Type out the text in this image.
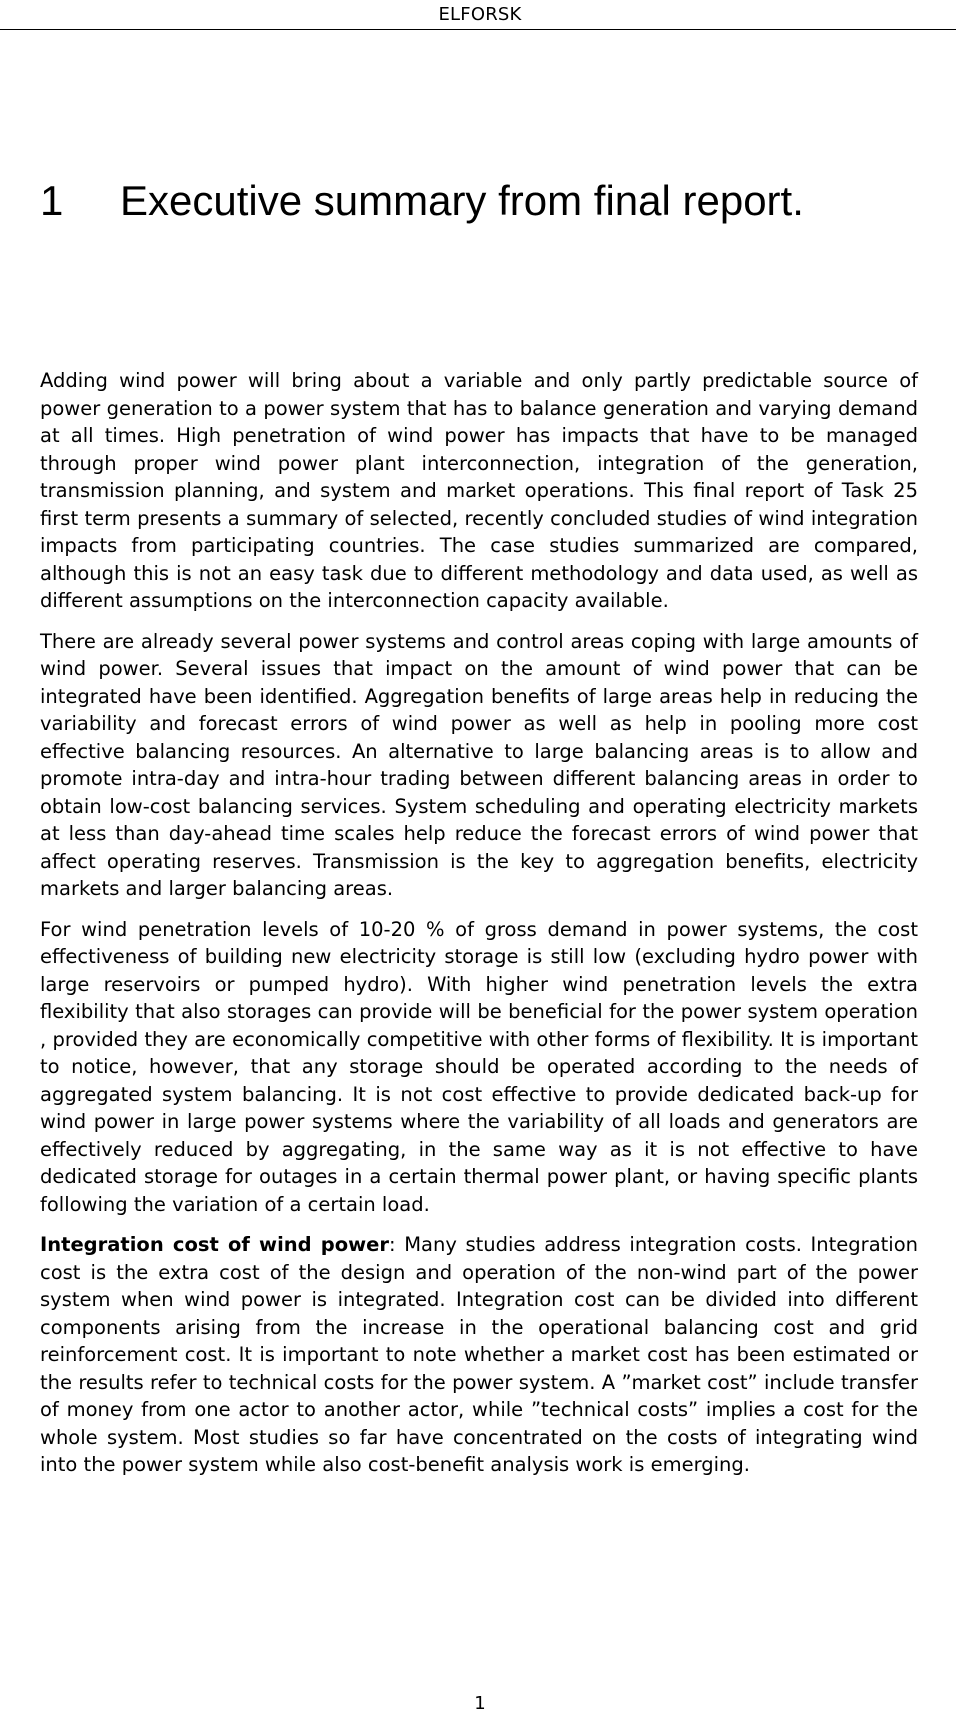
ELFORSK
1 Executive summary from final report.

Adding wind power will bring about a variable and only partly predictable source of power generation to a power system that has to balance generation and varying demand at all times. High penetration of wind power has impacts that have to be managed through proper wind power plant interconnection, integration of the generation, transmission planning, and system and market operations. This final report of Task 25 first term presents a summary of selected, recently concluded studies of wind integration impacts from participating countries. The case studies summarized are compared, although this is not an easy task due to different methodology and data used, as well as different assumptions on the interconnection capacity available.

There are already several power systems and control areas coping with large amounts of wind power. Several issues that impact on the amount of wind power that can be integrated have been identified. Aggregation benefits of large areas help in reducing the variability and forecast errors of wind power as well as help in pooling more cost effective balancing resources. An alternative to large balancing areas is to allow and promote intra-day and intra-hour trading between different balancing areas in order to obtain low-cost balancing services. System scheduling and operating electricity markets at less than day-ahead time scales help reduce the forecast errors of wind power that affect operating reserves. Transmission is the key to aggregation benefits, electricity markets and larger balancing areas.

For wind penetration levels of 10-20 % of gross demand in power systems, the cost effectiveness of building new electricity storage is still low (excluding hydro power with large reservoirs or pumped hydro). With higher wind penetration levels the extra flexibility that also storages can provide will be beneficial for the power system operation , provided they are economically competitive with other forms of flexibility. It is important to notice, however, that any storage should be operated according to the needs of aggregated system balancing. It is not cost effective to provide dedicated back-up for wind power in large power systems where the variability of all loads and generators are effectively reduced by aggregating, in the same way as it is not effective to have dedicated storage for outages in a certain thermal power plant, or having specific plants following the variation of a certain load.

Integration cost of wind power: Many studies address integration costs. Integration cost is the extra cost of the design and operation of the non-wind part of the power system when wind power is integrated. Integration cost can be divided into different components arising from the increase in the operational balancing cost and grid reinforcement cost. It is important to note whether a market cost has been estimated or the results refer to technical costs for the power system. A ”market cost” include transfer of money from one actor to another actor, while ”technical costs” implies a cost for the whole system. Most studies so far have concentrated on the costs of integrating wind into the power system while also cost-benefit analysis work is emerging.

1
